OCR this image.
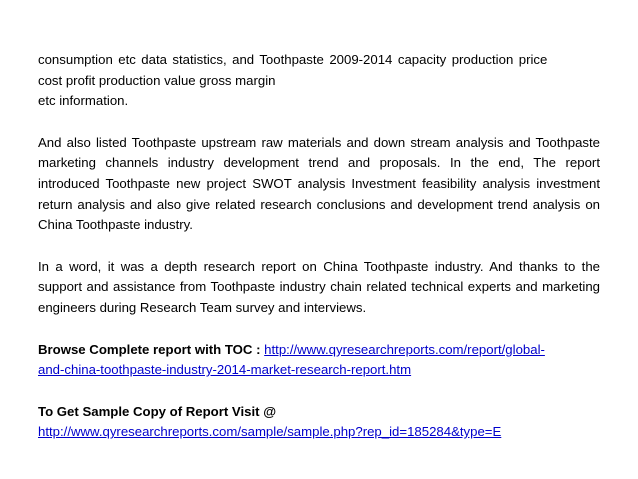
consumption etc data statistics, and Toothpaste 2009-2014 capacity production price
cost profit production value gross margin
etc information.

And also listed Toothpaste upstream raw materials and down stream analysis and Toothpaste marketing channels industry development trend and proposals. In the end, The report introduced Toothpaste new project SWOT analysis Investment feasibility analysis investment return analysis and also give related research conclusions and development trend analysis on China Toothpaste industry.

In a word, it was a depth research report on China Toothpaste industry. And thanks to the support and assistance from Toothpaste industry chain related technical experts and marketing engineers during Research Team survey and interviews.

Browse Complete report with TOC : http://www.qyresearchreports.com/report/global-
and-china-toothpaste-industry-2014-market-research-report.htm
To Get Sample Copy of Report Visit @
http://www.qyresearchreports.com/sample/sample.php?rep_id=185284&type=E
